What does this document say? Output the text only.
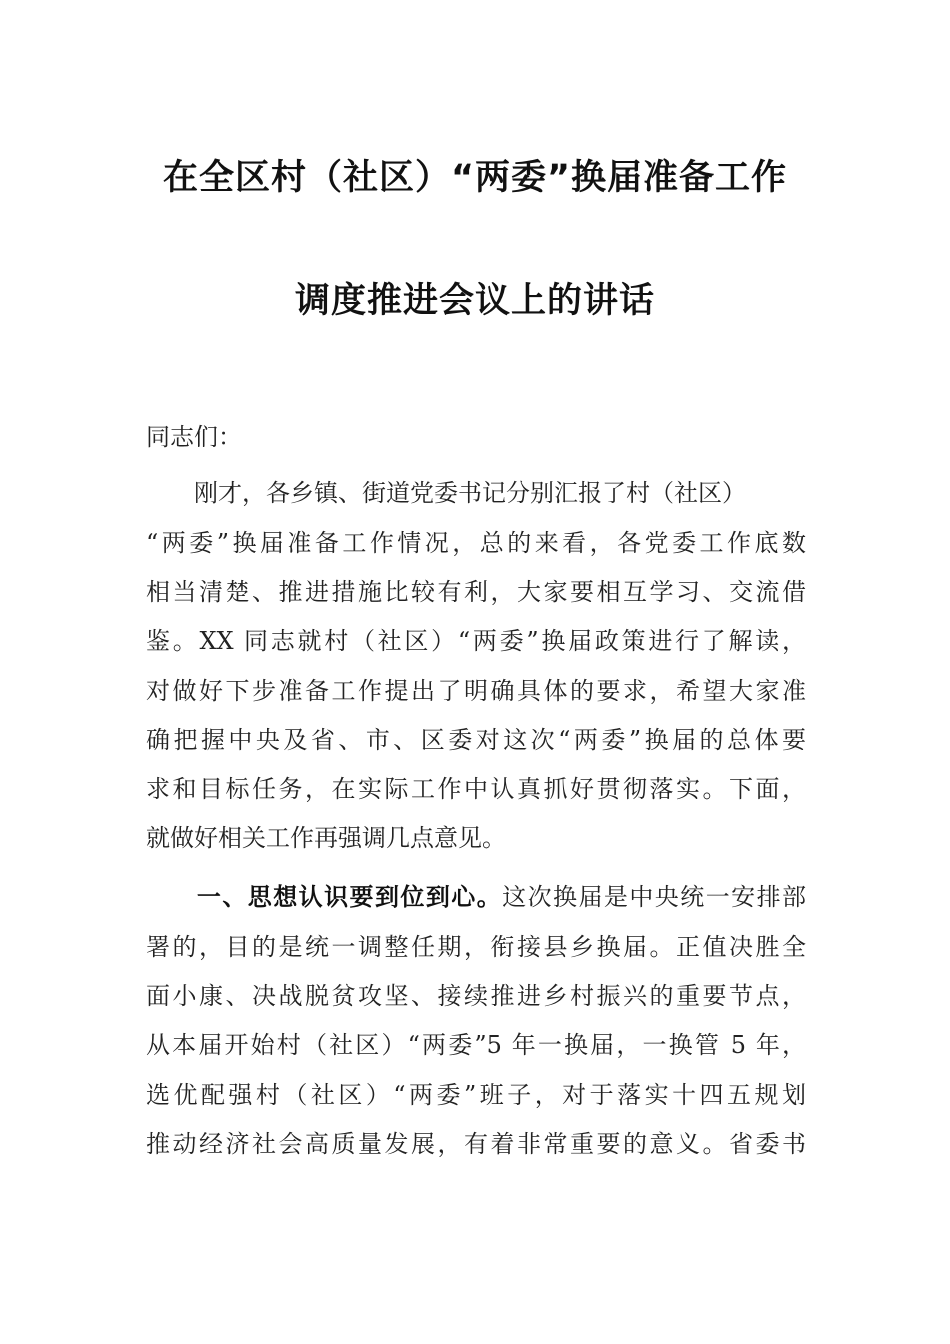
在全区村（社区）“两委”换届准备工作
调度推进会议上的讲话
同志们：
　　刚才，各乡镇、街道党委书记分别汇报了村（社区）
“两委”换届准备工作情况，总的来看，各党委工作底数
相当清楚、推进措施比较有利，大家要相互学习、交流借
鉴。XX 同志就村（社区）“两委”换届政策进行了解读，
对做好下步准备工作提出了明确具体的要求，希望大家准
确把握中央及省、市、区委对这次“两委”换届的总体要
求和目标任务，在实际工作中认真抓好贯彻落实。下面，
就做好相关工作再强调几点意见。
　　一、思想认识要到位到心。这次换届是中央统一安排部
署的，目的是统一调整任期，衔接县乡换届。正值决胜全
面小康、决战脱贫攻坚、接续推进乡村振兴的重要节点，
从本届开始村（社区）“两委”5 年一换届，一换管 5 年，
选优配强村（社区）“两委”班子，对于落实十四五规划
推动经济社会高质量发展，有着非常重要的意义。省委书
